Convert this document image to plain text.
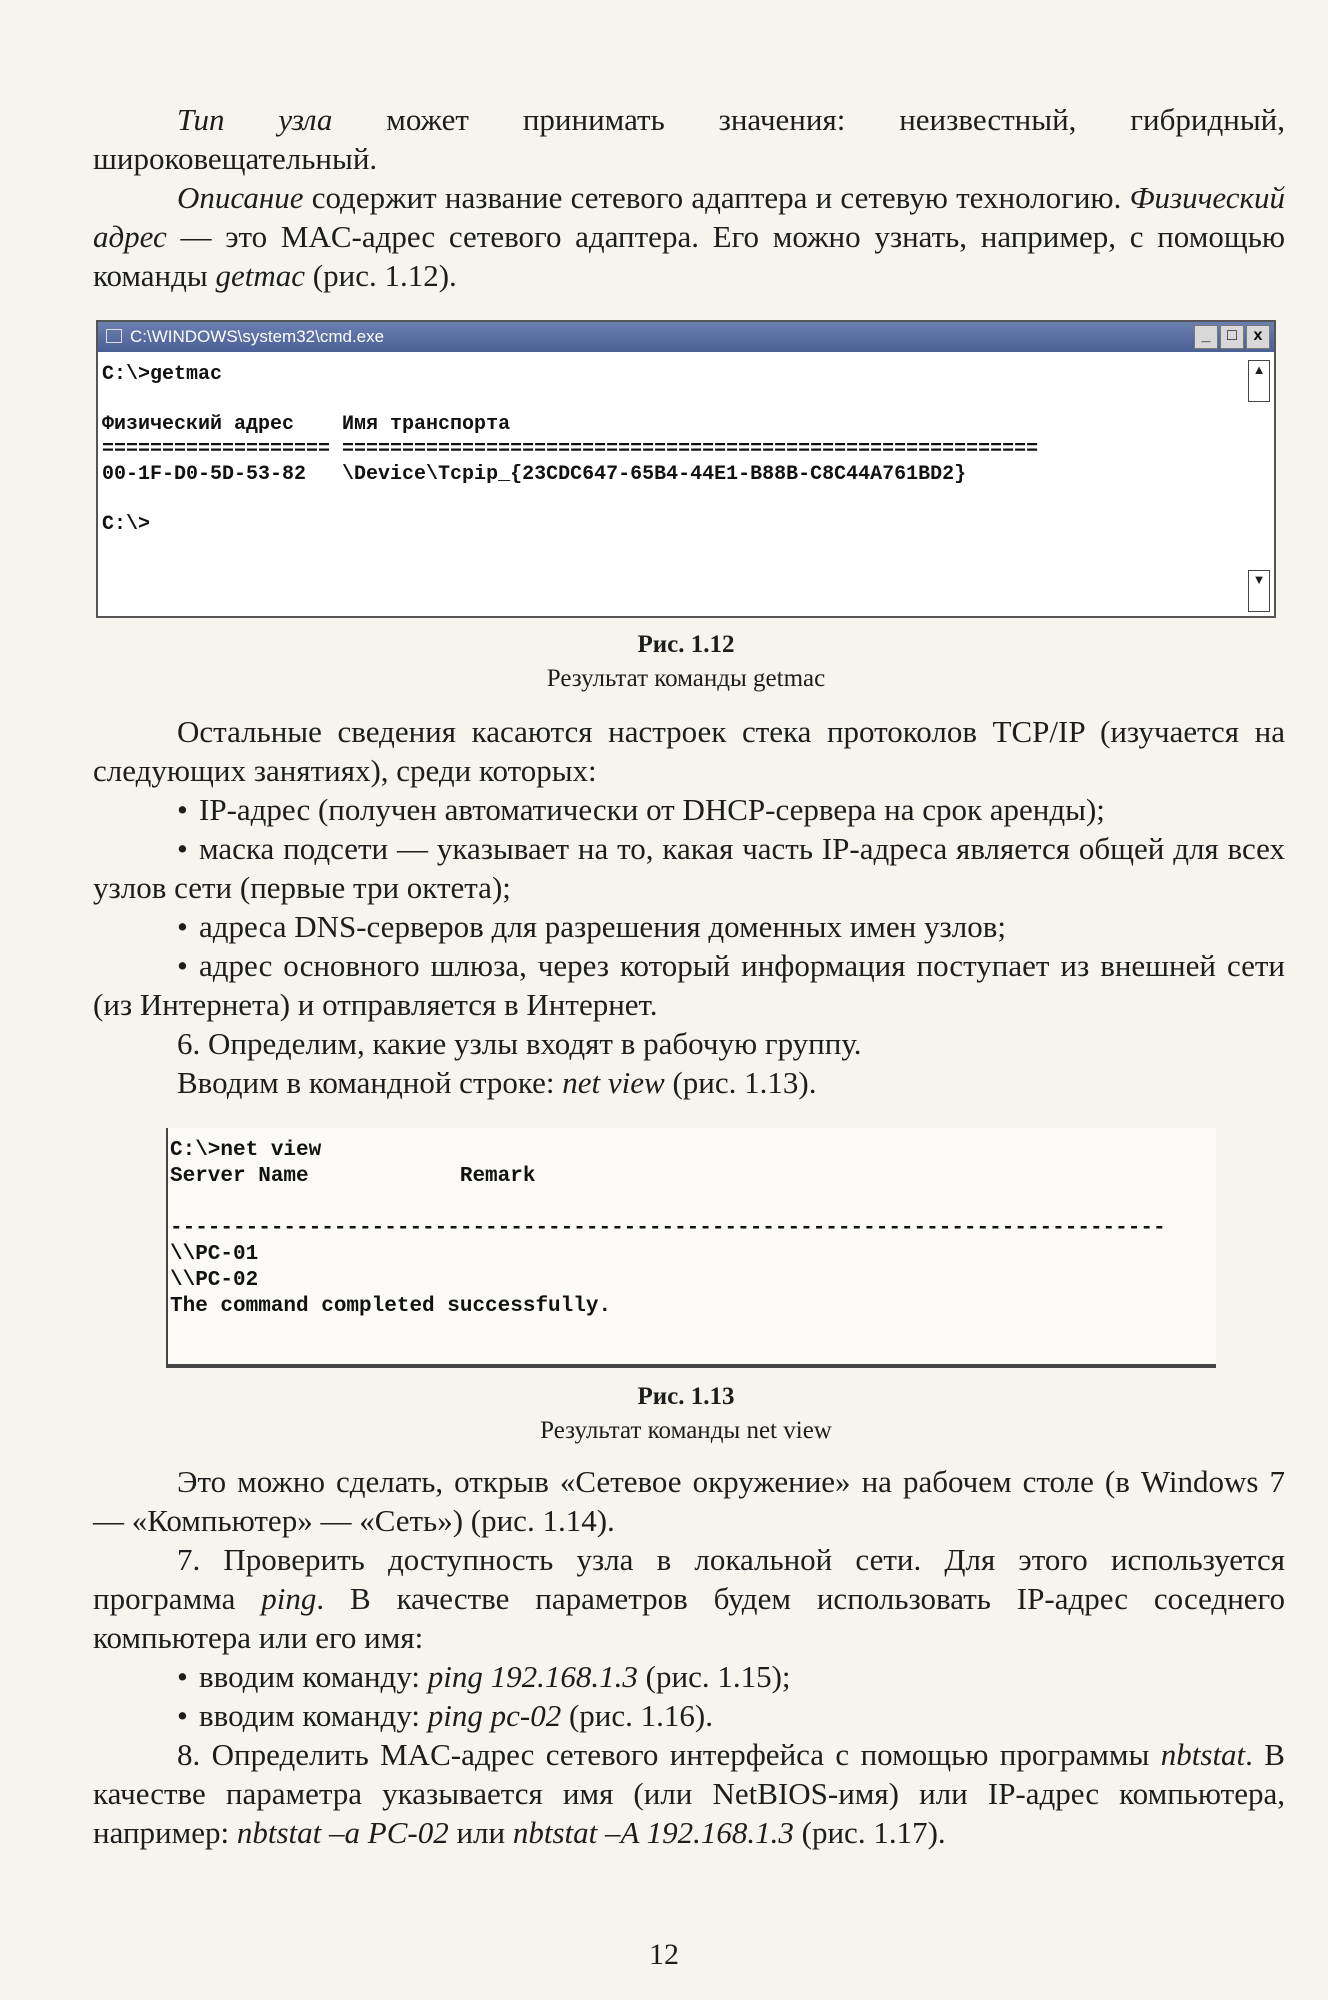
Тип узла может принимать значения: неизвестный, гибридный, широковещательный.

Описание содержит название сетевого адаптера и сетевую технологию. Физический адрес — это MAC-адрес сетевого адаптера. Его можно узнать, например, с помощью команды getmac (рис. 1.12).

C:\WINDOWS\system32\cmd.exe	_	□	x
C:\>getmac
Физический адрес    Имя транспорта
=================== ==========================================================
00-1F-D0-5D-53-82   \Device\Tcpip_{23CDC647-65B4-44E1-B88B-C8C44A761BD2}
C:\>
▲
▼
Рис. 1.12
Результат команды getmac

Остальные сведения касаются настроек стека протоколов TCP/IP (изучается на следующих занятиях), среди которых:

• IP-адрес (получен автоматически от DHCP-сервера на срок аренды);

• маска подсети — указывает на то, какая часть IP-адреса является общей для всех узлов сети (первые три октета);

• адреса DNS-серверов для разрешения доменных имен узлов;

• адрес основного шлюза, через который информация поступает из внешней сети (из Интернета) и отправляется в Интернет.

6. Определим, какие узлы входят в рабочую группу.

Вводим в командной строке: net view (рис. 1.13).

C:\>net view
Server Name            Remark
-------------------------------------------------------------------------------
\\PC-01
\\PC-02
The command completed successfully.
Рис. 1.13
Результат команды net view

Это можно сделать, открыв «Сетевое окружение» на рабочем столе (в Windows 7 — «Компьютер» — «Сеть») (рис. 1.14).

7. Проверить доступность узла в локальной сети. Для этого используется программа ping. В качестве параметров будем использовать IP-адрес соседнего компьютера или его имя:

• вводим команду: ping 192.168.1.3 (рис. 1.15);

• вводим команду: ping pc-02 (рис. 1.16).

8. Определить MAC-адрес сетевого интерфейса с помощью программы nbtstat. В качестве параметра указывается имя (или NetBIOS-имя) или IP-адрес компьютера, например: nbtstat –a PC-02 или nbtstat –A 192.168.1.3 (рис. 1.17).

12
